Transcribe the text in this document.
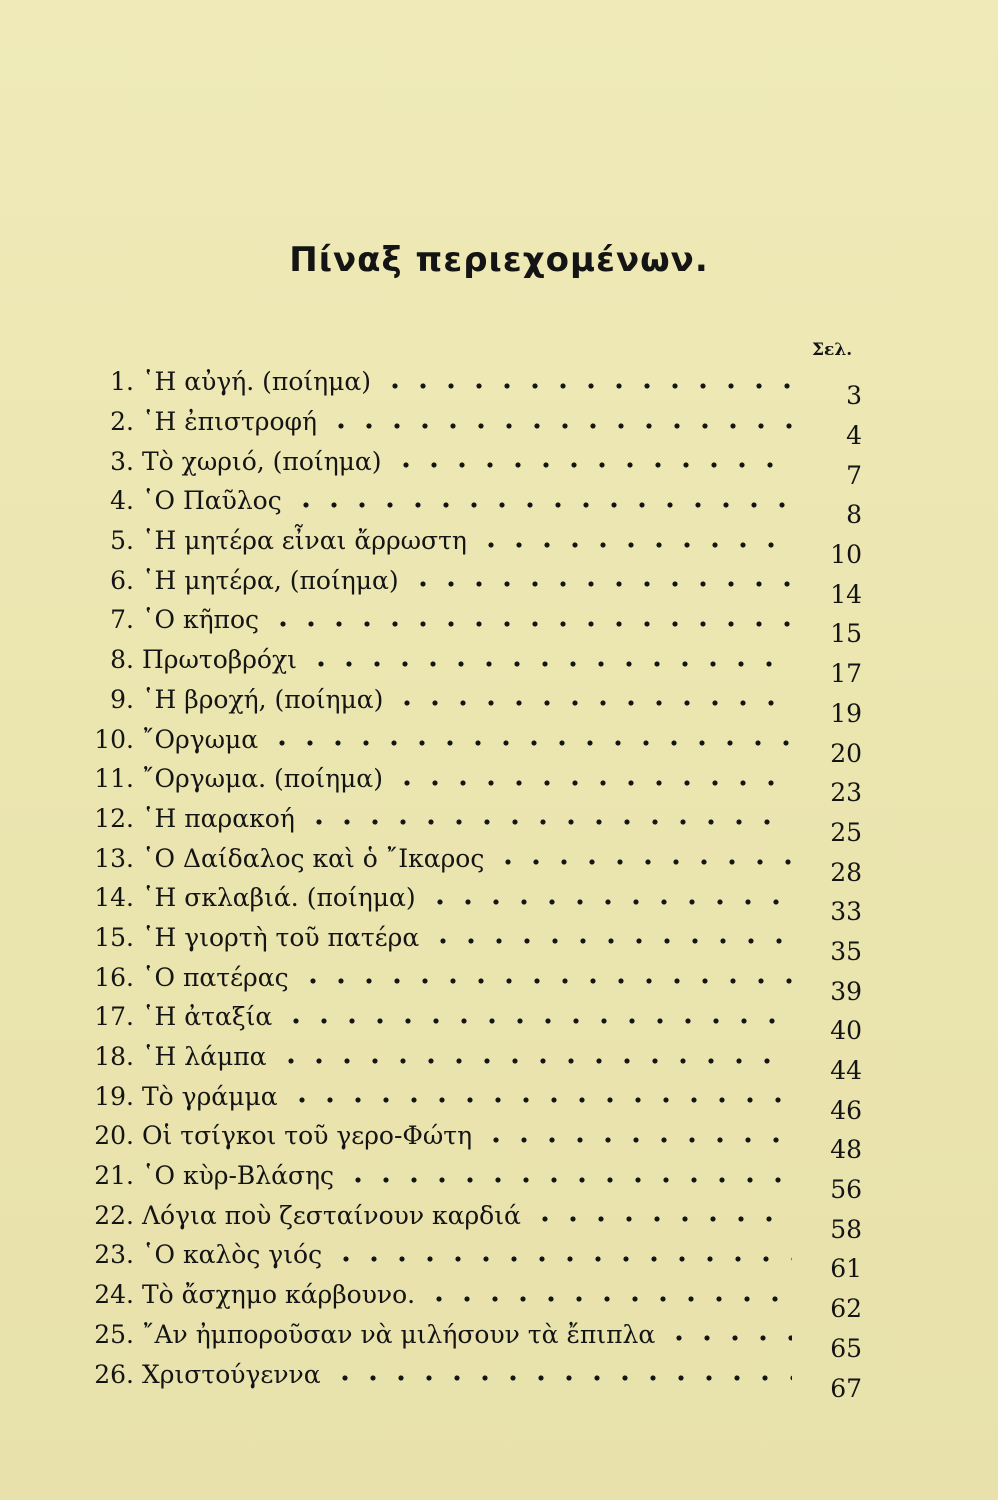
Πίναξ περιεχομένων.
Σελ.
1. ῾Η αὐγή. (ποίημα)	3
2. ῾Η ἐπιστροφή	4
3. Τὸ χωριό, (ποίημα)	7
4. ῾Ο Παῦλος	8
5. ῾Η μητέρα εἶναι ἄρρωστη	10
6. ῾Η μητέρα, (ποίημα)	14
7. ῾Ο κῆπος	15
8. Πρωτοβρόχι	17
9. ῾Η βροχή, (ποίημα)	19
10. ῎Οργωμα	20
11. ῎Οργωμα. (ποίημα)	23
12. ῾Η παρακοή	25
13. ῾Ο Δαίδαλος καὶ ὁ ῎Ικαρος	28
14. ῾Η σκλαβιά. (ποίημα)	33
15. ῾Η γιορτὴ τοῦ πατέρα	35
16. ῾Ο πατέρας	39
17. ῾Η ἀταξία	40
18. ῾Η λάμπα	44
19. Τὸ γράμμα	46
20. Οἱ τσίγκοι τοῦ γερο-Φώτη	48
21. ῾Ο κὺρ-Βλάσης	56
22. Λόγια ποὺ ζεσταίνουν καρδιά	58
23. ῾Ο καλὸς γιός	61
24. Τὸ ἄσχημο κάρβουνο.	62
25. ῎Αν ἠμποροῦσαν νὰ μιλήσουν τὰ ἔπιπλα	65
26. Χριστούγεννα	67
